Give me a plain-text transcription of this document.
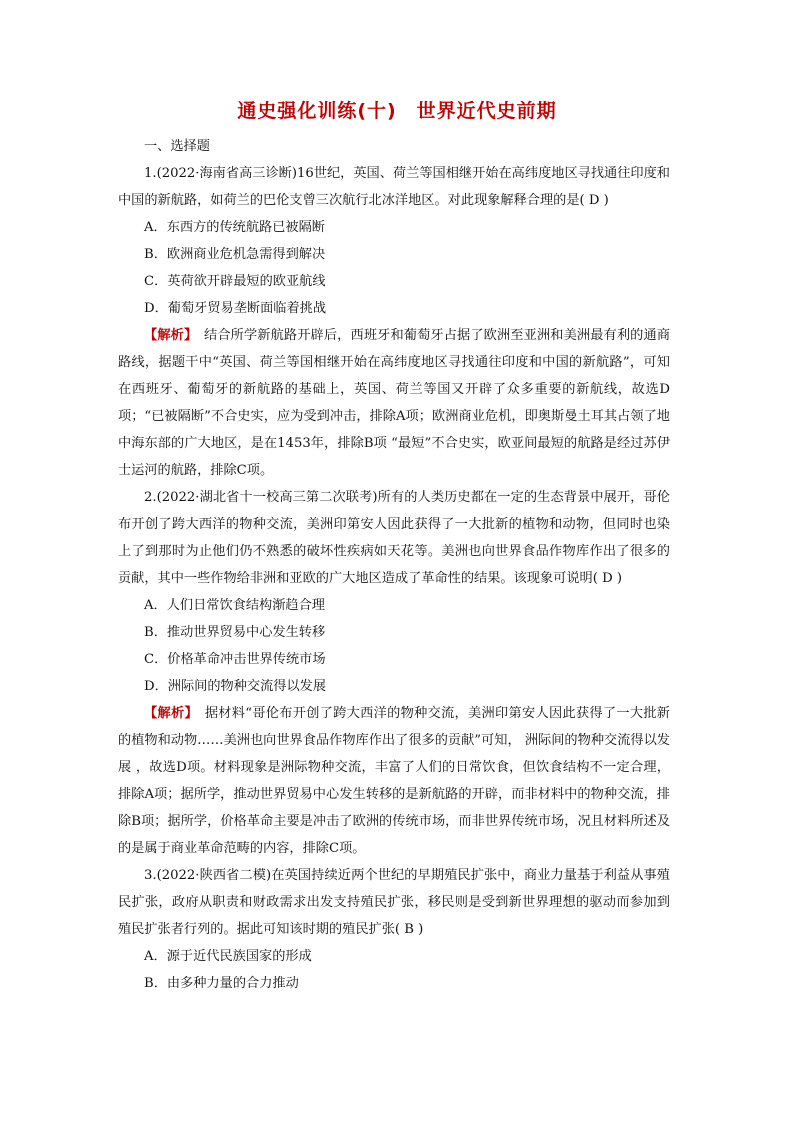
通史强化训练(十)　世界近代史前期

一、选择题

1.(2022·海南省高三诊断)16世纪，英国、荷兰等国相继开始在高纬度地区寻找通往印度和中国的新航路，如荷兰的巴伦支曾三次航行北冰洋地区。对此现象解释合理的是( D )

A．东西方的传统航路已被隔断

B．欧洲商业危机急需得到解决

C．英荷欲开辟最短的欧亚航线

D．葡萄牙贸易垄断面临着挑战

【解析】　结合所学新航路开辟后，西班牙和葡萄牙占据了欧洲至亚洲和美洲最有利的通商路线，据题干中“英国、荷兰等国相继开始在高纬度地区寻找通往印度和中国的新航路”，可知在西班牙、葡萄牙的新航路的基础上，英国、荷兰等国又开辟了众多重要的新航线，故选D项；“已被隔断”不合史实，应为受到冲击，排除A项；欧洲商业危机，即奥斯曼土耳其占领了地中海东部的广大地区，是在1453年，排除B项 “最短”不合史实，欧亚间最短的航路是经过苏伊士运河的航路，排除C项。

2.(2022·湖北省十一校高三第二次联考)所有的人类历史都在一定的生态背景中展开，哥伦布开创了跨大西洋的物种交流，美洲印第安人因此获得了一大批新的植物和动物，但同时也染上了到那时为止他们仍不熟悉的破坏性疾病如天花等。美洲也向世界食品作物库作出了很多的贡献，其中一些作物给非洲和亚欧的广大地区造成了革命性的结果。该现象可说明( D )

A．人们日常饮食结构渐趋合理

B．推动世界贸易中心发生转移

C．价格革命冲击世界传统市场

D．洲际间的物种交流得以发展

【解析】　据材料“哥伦布开创了跨大西洋的物种交流，美洲印第安人因此获得了一大批新的植物和动物……美洲也向世界食品作物库作出了很多的贡献”可知， 洲际间的物种交流得以发展 ，故选D项。材料现象是洲际物种交流，丰富了人们的日常饮食，但饮食结构不一定合理，排除A项；据所学，推动世界贸易中心发生转移的是新航路的开辟，而非材料中的物种交流，排除B项；据所学，价格革命主要是冲击了欧洲的传统市场，而非世界传统市场，况且材料所述及的是属于商业革命范畴的内容，排除C项。

3.(2022·陕西省二模)在英国持续近两个世纪的早期殖民扩张中，商业力量基于利益从事殖民扩张，政府从职责和财政需求出发支持殖民扩张，移民则是受到新世界理想的驱动而参加到殖民扩张者行列的。据此可知该时期的殖民扩张( B )

A．源于近代民族国家的形成

B．由多种力量的合力推动
